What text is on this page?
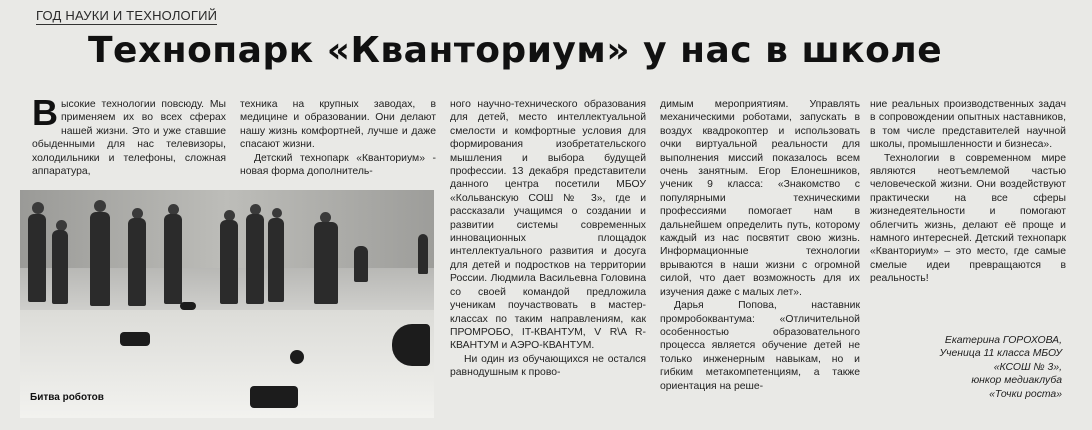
ГОД НАУКИ И ТЕХНОЛОГИЙ
Технопарк «Кванториум» у нас в школе
В ысокие технологии повсюду. Мы применяем их во всех сферах нашей жизни. Это и уже ставшие обыденными для нас телевизоры, холодильники и телефоны, сложная аппаратура,

техника на крупных заводах, в медицине и образовании. Они делают нашу жизнь комфортней, лучше и даже спасают жизни.

Детский технопарк «Кванториум» - новая форма дополнитель-

Битва роботов

ного научно-технического образования для детей, место интеллектуальной смелости и комфортные условия для формирования изобретательского мышления и выбора будущей профессии. 13 декабря представители данного центра посетили МБОУ «Кольванскую СОШ № 3», где и рассказали учащимся о создании и развитии системы современных инновационных площадок интеллектуального развития и досуга для детей и подростков на территории России. Людмила Васильевна Головина со своей командой предложила ученикам поучаствовать в мастер-классах по таким направлениям, как ПРОМРОБО, IT-КВАНТУМ, V R\A R-КВАНТУМ и АЭРО-КВАНТУМ.

Ни один из обучающихся не остался равнодушным к прово-

димым мероприятиям. Управлять механическими роботами, запускать в воздух квадрокоптер и использовать очки виртуальной реальности для выполнения миссий показалось всем очень занятным. Егор Елонешников, ученик 9 класса: «Знакомство с популярными техническими профессиями помогает нам в дальнейшем определить путь, которому каждый из нас посвятит свою жизнь. Информационные технологии врываются в наши жизни с огромной силой, что дает возможность для их изучения даже с малых лет».

Дарья Попова, наставник промробоквантума: «Отличительной особенностью образовательного процесса является обучение детей не только инженерным навыкам, но и гибким метакомпетенциям, а также ориентация на реше-

ние реальных производственных задач в сопровождении опытных наставников, в том числе представителей научной школы, промышленности и бизнеса».

Технологии в современном мире являются неотъемлемой частью человеческой жизни. Они воздействуют практически на все сферы жизнедеятельности и помогают облегчить жизнь, делают её проще и намного интересней. Детский технопарк «Кванториум» – это место, где самые смелые идеи превращаются в реальность!

Екатерина ГОРОХОВА,
Ученица 11 класса МБОУ
«КСОШ № 3»,
юнкор медиаклуба
«Точки роста»
